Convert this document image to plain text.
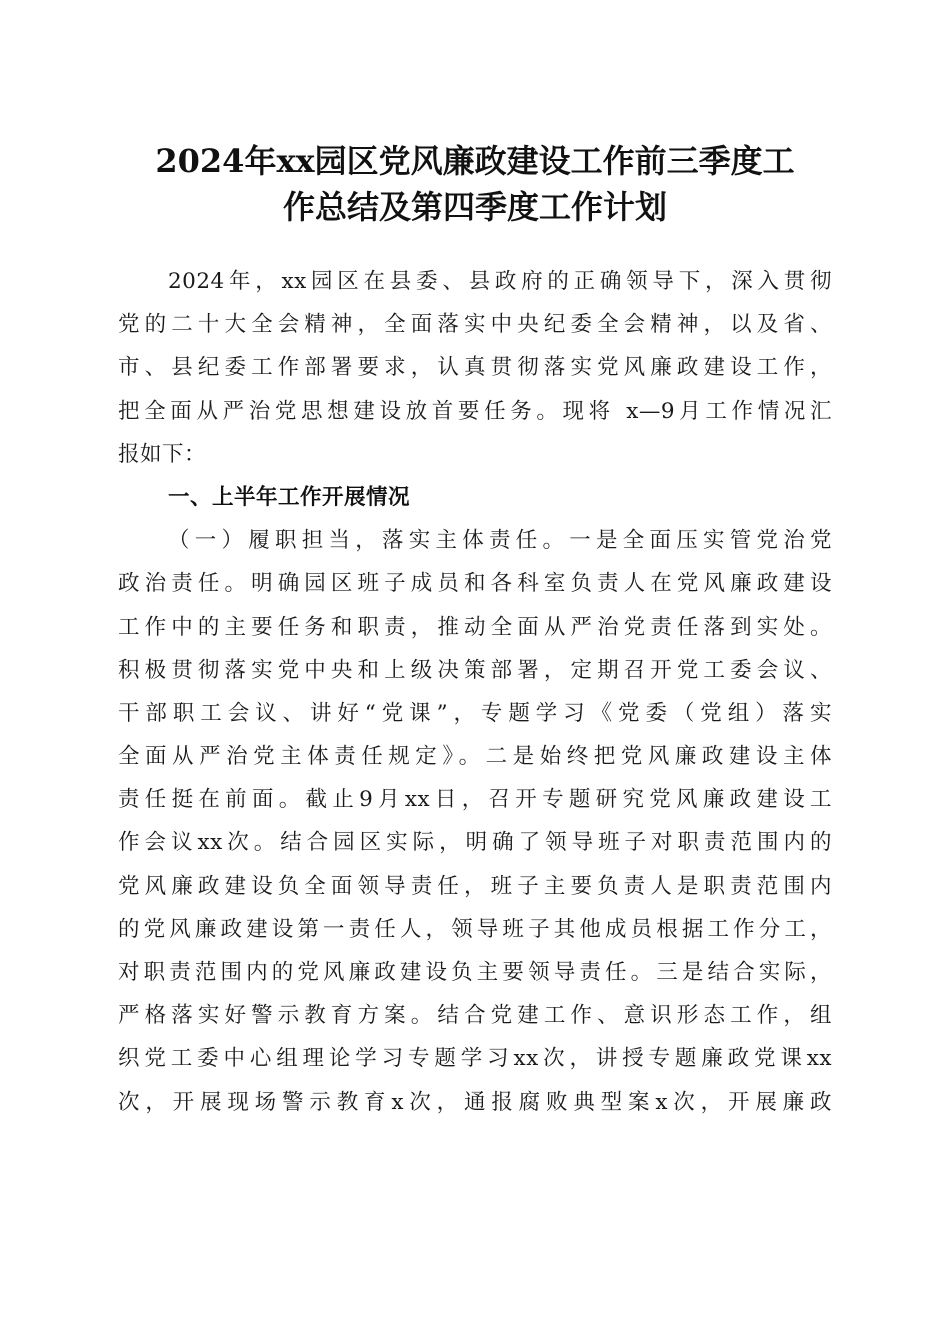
2024年xx园区党风廉政建设工作前三季度工
作总结及第四季度工作计划
2024年，xx园区在县委、县政府的正确领导下，深入贯彻
党的二十大全会精神，全面落实中央纪委全会精神，以及省、
市、县纪委工作部署要求，认真贯彻落实党风廉政建设工作，
把全面从严治党思想建设放首要任务。现将 x—9月工作情况汇
报如下：
一、上半年工作开展情况
（一）履职担当，落实主体责任。一是全面压实管党治党
政治责任。明确园区班子成员和各科室负责人在党风廉政建设
工作中的主要任务和职责，推动全面从严治党责任落到实处。
积极贯彻落实党中央和上级决策部署，定期召开党工委会议、
干部职工会议、讲好“党课”，专题学习《党委（党组）落实
全面从严治党主体责任规定》。二是始终把党风廉政建设主体
责任挺在前面。截止9月xx日，召开专题研究党风廉政建设工
作会议xx次。结合园区实际，明确了领导班子对职责范围内的
党风廉政建设负全面领导责任，班子主要负责人是职责范围内
的党风廉政建设第一责任人，领导班子其他成员根据工作分工，
对职责范围内的党风廉政建设负主要领导责任。三是结合实际，
严格落实好警示教育方案。结合党建工作、意识形态工作，组
织党工委中心组理论学习专题学习xx次，讲授专题廉政党课xx
次，开展现场警示教育x次，通报腐败典型案x次，开展廉政
